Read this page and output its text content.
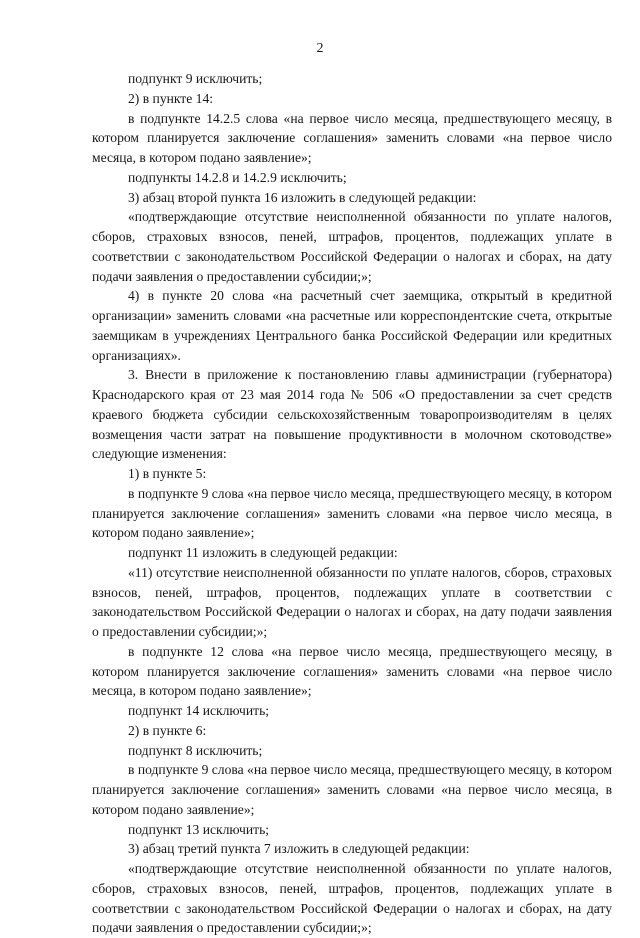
2

подпункт 9 исключить;

2) в пункте 14:

в подпункте 14.2.5 слова «на первое число месяца, предшествующего месяцу, в котором планируется заключение соглашения» заменить словами «на первое число месяца, в котором подано заявление»;

подпункты 14.2.8 и 14.2.9 исключить;

3) абзац второй пункта 16 изложить в следующей редакции:

«подтверждающие отсутствие неисполненной обязанности по уплате налогов, сборов, страховых взносов, пеней, штрафов, процентов, подлежащих уплате в соответствии с законодательством Российской Федерации о налогах и сборах, на дату подачи заявления о предоставлении субсидии;»;

4) в пункте 20 слова «на расчетный счет заемщика, открытый в кредитной организации» заменить словами «на расчетные или корреспондентские счета, открытые заемщикам в учреждениях Центрального банка Российской Федерации или кредитных организациях».

3. Внести в приложение к постановлению главы администрации (губернатора) Краснодарского края от 23 мая 2014 года № 506 «О предоставлении за счет средств краевого бюджета субсидии сельскохозяйственным товаропроизводителям в целях возмещения части затрат на повышение продуктивности в молочном скотоводстве» следующие изменения:

1) в пункте 5:

в подпункте 9 слова «на первое число месяца, предшествующего месяцу, в котором планируется заключение соглашения» заменить словами «на первое число месяца, в котором подано заявление»;

подпункт 11 изложить в следующей редакции:

«11) отсутствие неисполненной обязанности по уплате налогов, сборов, страховых взносов, пеней, штрафов, процентов, подлежащих уплате в соответствии с законодательством Российской Федерации о налогах и сборах, на дату подачи заявления о предоставлении субсидии;»;

в подпункте 12 слова «на первое число месяца, предшествующего месяцу, в котором планируется заключение соглашения» заменить словами «на первое число месяца, в котором подано заявление»;

подпункт 14 исключить;

2) в пункте 6:

подпункт 8 исключить;

в подпункте 9 слова «на первое число месяца, предшествующего месяцу, в котором планируется заключение соглашения» заменить словами «на первое число месяца, в котором подано заявление»;

подпункт 13 исключить;

3) абзац третий пункта 7 изложить в следующей редакции:

«подтверждающие отсутствие неисполненной обязанности по уплате налогов, сборов, страховых взносов, пеней, штрафов, процентов, подлежащих уплате в соответствии с законодательством Российской Федерации о налогах и сборах, на дату подачи заявления о предоставлении субсидии;»;
